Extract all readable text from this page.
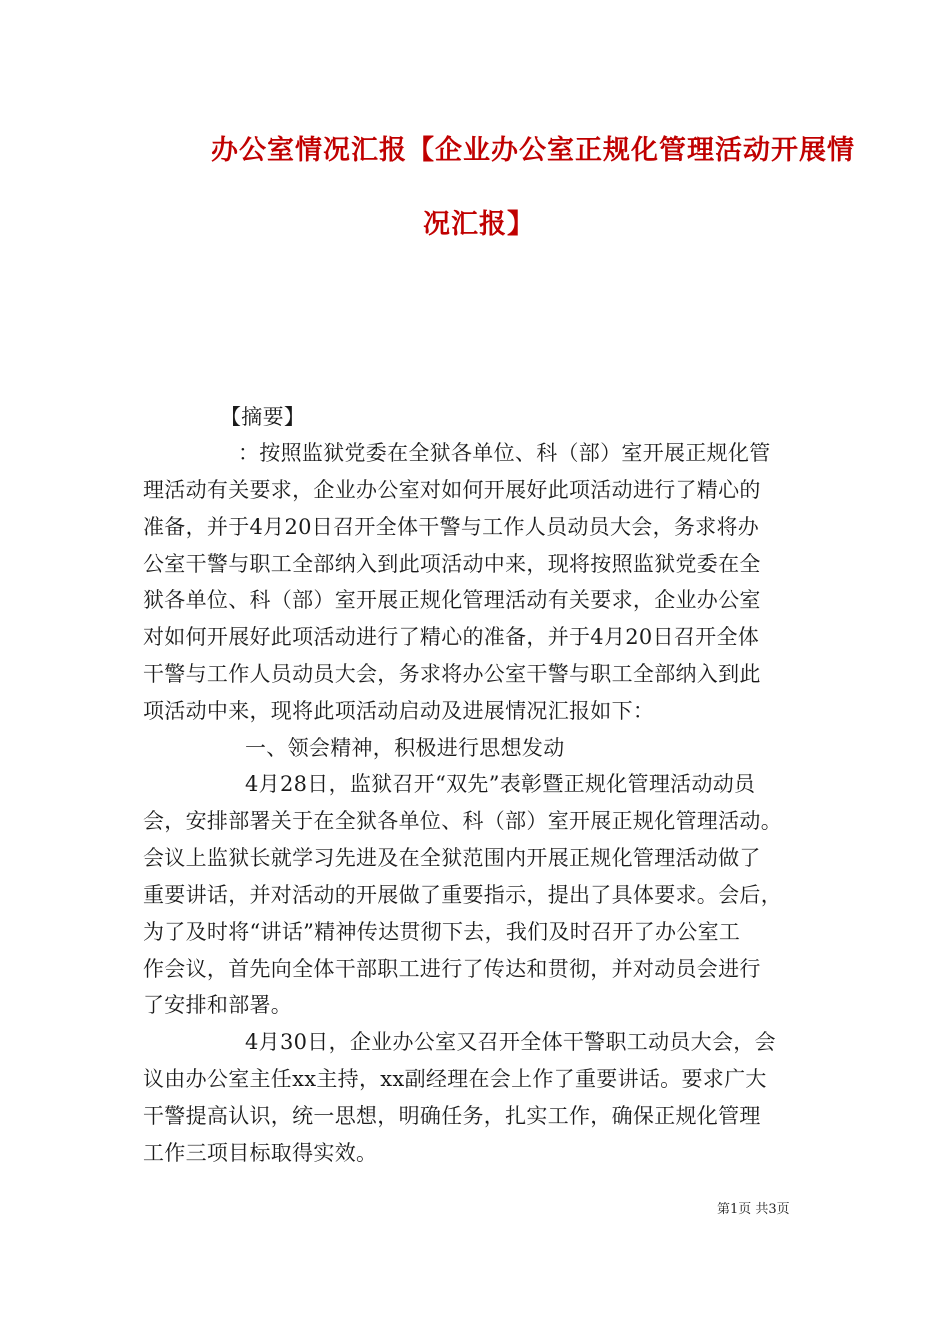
办公室情况汇报【企业办公室正规化管理活动开展情
况汇报】
【摘要】
：按照监狱党委在全狱各单位、科（部）室开展正规化管
理活动有关要求，企业办公室对如何开展好此项活动进行了精心的
准备，并于4月20日召开全体干警与工作人员动员大会，务求将办
公室干警与职工全部纳入到此项活动中来，现将按照监狱党委在全
狱各单位、科（部）室开展正规化管理活动有关要求，企业办公室
对如何开展好此项活动进行了精心的准备，并于4月20日召开全体
干警与工作人员动员大会，务求将办公室干警与职工全部纳入到此
项活动中来，现将此项活动启动及进展情况汇报如下：
一、领会精神，积极进行思想发动
4月28日，监狱召开“双先”表彰暨正规化管理活动动员
会，安排部署关于在全狱各单位、科（部）室开展正规化管理活动。
会议上监狱长就学习先进及在全狱范围内开展正规化管理活动做了
重要讲话，并对活动的开展做了重要指示，提出了具体要求。会后，
为了及时将“讲话”精神传达贯彻下去，我们及时召开了办公室工
作会议，首先向全体干部职工进行了传达和贯彻，并对动员会进行
了安排和部署。
4月30日，企业办公室又召开全体干警职工动员大会，会
议由办公室主任xx主持，xx副经理在会上作了重要讲话。要求广大
干警提高认识，统一思想，明确任务，扎实工作，确保正规化管理
工作三项目标取得实效。
第1页 共3页
